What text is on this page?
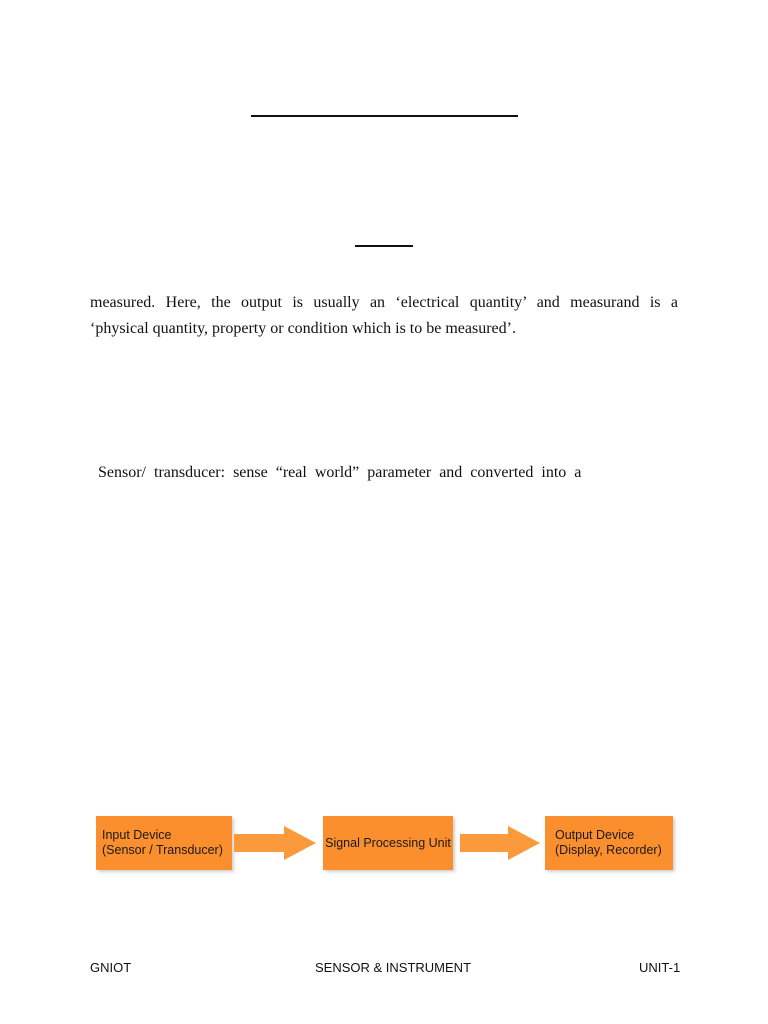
measured. Here, the output is usually an ‘electrical quantity’ and measurand is a
‘physical quantity, property or condition which is to be measured’.

Sensor/  transducer:  sense  “real  world”  parameter  and  converted  into  a

Input Device
(Sensor / Transducer)
Signal Processing Unit
Output Device
(Display, Recorder)
GNIOT	SENSOR & INSTRUMENT	UNIT-1
